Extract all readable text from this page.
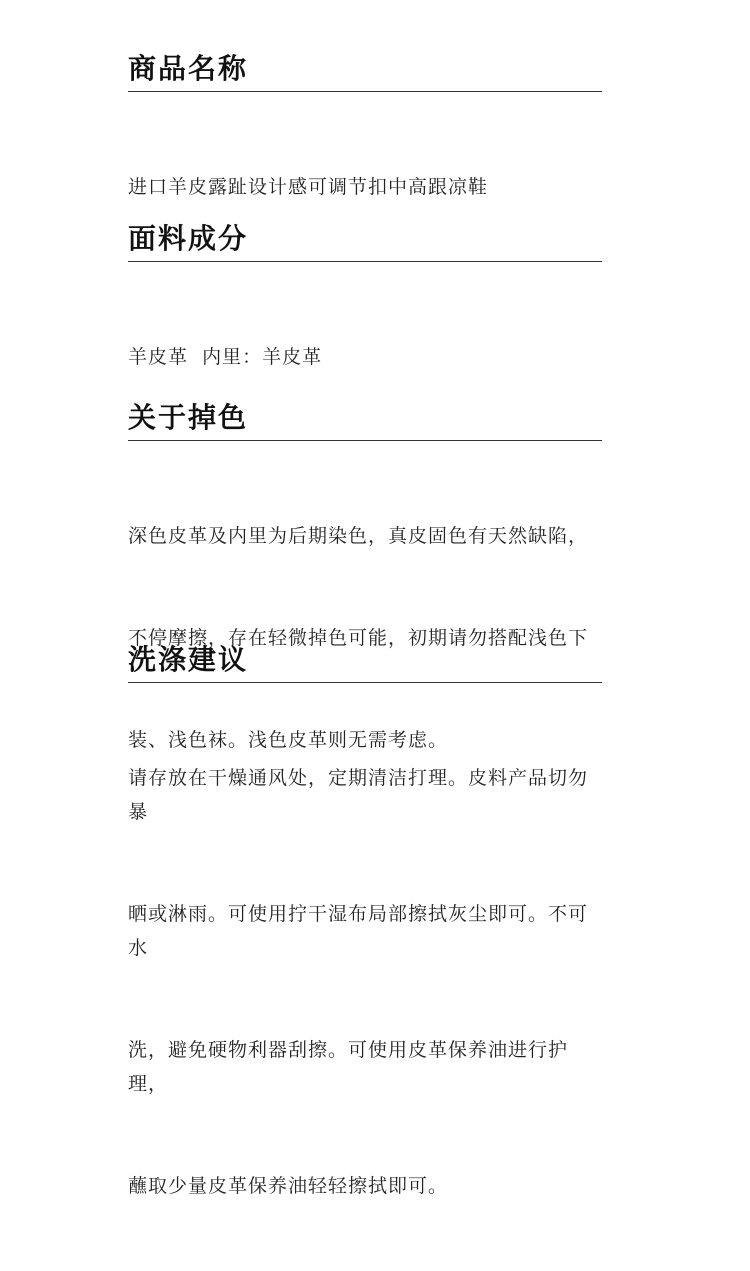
商品名称

进口羊皮露趾设计感可调节扣中高跟凉鞋

面料成分

羊皮革  内里：羊皮革

关于掉色

深色皮革及内里为后期染色，真皮固色有天然缺陷，

不停摩擦，存在轻微掉色可能，初期请勿搭配浅色下

装、浅色袜。浅色皮革则无需考虑。

洗涤建议

请存放在干燥通风处，定期清洁打理。皮料产品切勿暴

晒或淋雨。可使用拧干湿布局部擦拭灰尘即可。不可水

洗，避免硬物利器刮擦。可使用皮革保养油进行护理，

蘸取少量皮革保养油轻轻擦拭即可。
